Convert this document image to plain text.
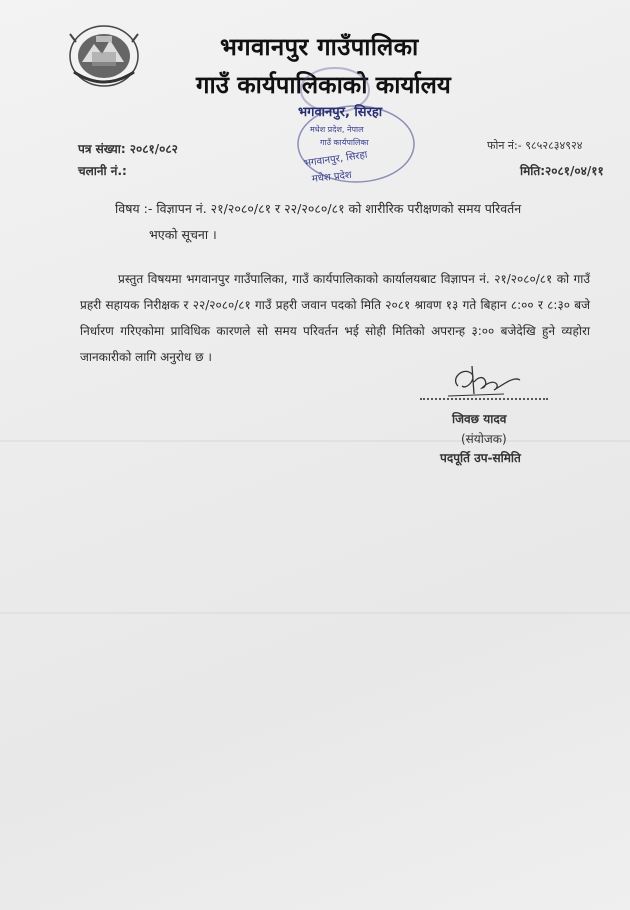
भगवानपुर गाउँपालिका
गाउँ कार्यपालिकाको कार्यालय
भगवानपुर, सिरहा
मधेश प्रदेश, नेपाल
गाउँ कार्यपालिका
भगवानपुर, सिरहा
मधेश प्रदेश
पत्र संख्या: २०८१/०८२
चलानी नं.:
फोन नं:- ९८५२८३४९२४
मिति:२०८१/०४/११
विषय :- विज्ञापन नं. २१/२०८०/८१ र २२/२०८०/८१ को शारीरिक परीक्षणको समय परिवर्तन
भएको सूचना ।
प्रस्तुत विषयमा भगवानपुर गाउँपालिका, गाउँ कार्यपालिकाको कार्यालयबाट विज्ञापन नं. २१/२०८०/८१ को गाउँ प्रहरी सहायक निरीक्षक र २२/२०८०/८१ गाउँ प्रहरी जवान पदको मिति २०८१ श्रावण १३ गते बिहान ८:०० र ८:३० बजे निर्धारण गरिएकोमा प्राविधिक कारणले सो समय परिवर्तन भई सोही मितिको अपरान्ह ३:०० बजेदेखि हुने व्यहोरा जानकारीको लागि अनुरोध छ ।
जिवछ यादव
(संयोजक)
पदपूर्ति उप-समिति
